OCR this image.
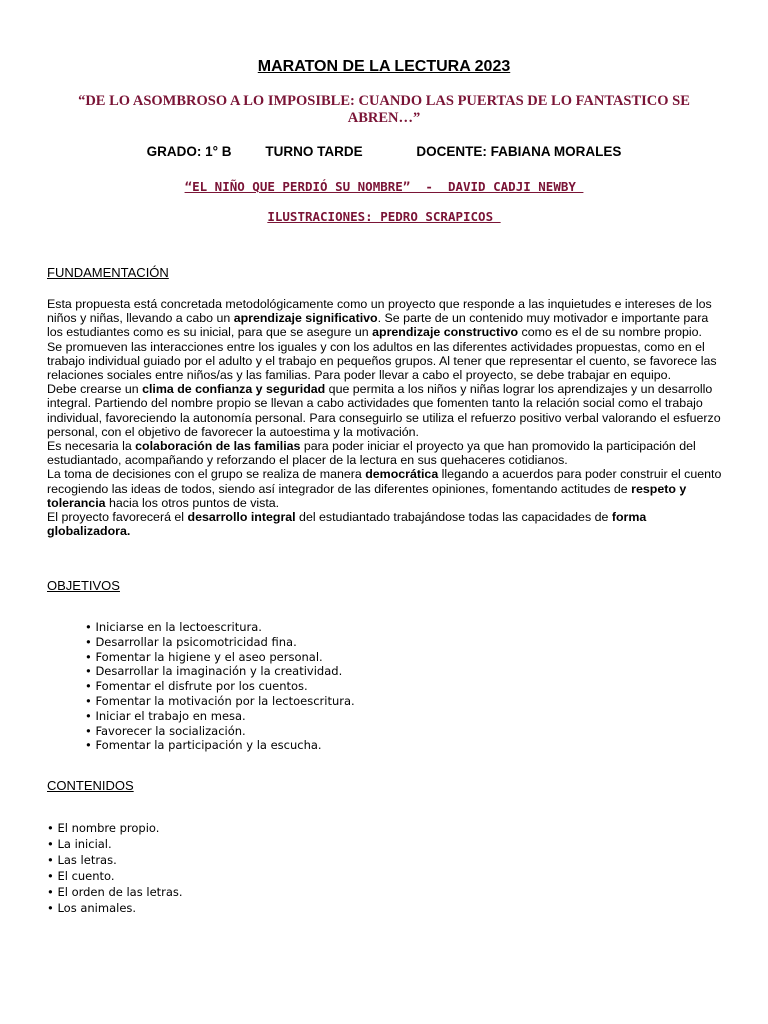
MARATON DE LA LECTURA 2023
“DE LO ASOMBROSO A LO IMPOSIBLE: CUANDO LAS PUERTAS DE LO FANTASTICO SE ABREN…”
GRADO: 1° B	TURNO TARDE	DOCENTE: FABIANA MORALES
“EL NIÑO QUE PERDIÓ SU NOMBRE”  -  DAVID CADJI NEWBY
ILUSTRACIONES: PEDRO SCRAPICOS
FUNDAMENTACIÓN

Esta propuesta está concretada metodológicamente como un proyecto que responde a las inquietudes e intereses de los niños y niñas, llevando a cabo un aprendizaje significativo. Se parte de un contenido muy motivador e importante para los estudiantes como es su inicial, para que se asegure un aprendizaje constructivo como es el de su nombre propio.

Se promueven las interacciones entre los iguales y con los adultos en las diferentes actividades propuestas, como en el trabajo individual guiado por el adulto y el trabajo en pequeños grupos. Al tener que representar el cuento, se favorece las relaciones sociales entre niños/as y las familias. Para poder llevar a cabo el proyecto, se debe trabajar en equipo.

Debe crearse un clima de confianza y seguridad que permita a los niños y niñas lograr los aprendizajes y un desarrollo integral. Partiendo del nombre propio se llevan a cabo actividades que fomenten tanto la relación social como el trabajo individual, favoreciendo la autonomía personal. Para conseguirlo se utiliza el refuerzo positivo verbal valorando el esfuerzo personal, con el objetivo de favorecer la autoestima y la motivación.

Es necesaria la colaboración de las familias para poder iniciar el proyecto ya que han promovido la participación del estudiantado, acompañando y reforzando el placer de la lectura en sus quehaceres cotidianos.

La toma de decisiones con el grupo se realiza de manera democrática llegando a acuerdos para poder construir el cuento recogiendo las ideas de todos, siendo así integrador de las diferentes opiniones, fomentando actitudes de respeto y tolerancia hacia los otros puntos de vista.

El proyecto favorecerá el desarrollo integral del estudiantado trabajándose todas las capacidades de forma globalizadora.

OBJETIVOS
• Iniciarse en la lectoescritura.
• Desarrollar la psicomotricidad fina.
• Fomentar la higiene y el aseo personal.
• Desarrollar la imaginación y la creatividad.
• Fomentar el disfrute por los cuentos.
• Fomentar la motivación por la lectoescritura.
• Iniciar el trabajo en mesa.
• Favorecer la socialización.
• Fomentar la participación y la escucha.
CONTENIDOS
• El nombre propio.
• La inicial.
• Las letras.
• El cuento.
• El orden de las letras.
• Los animales.
